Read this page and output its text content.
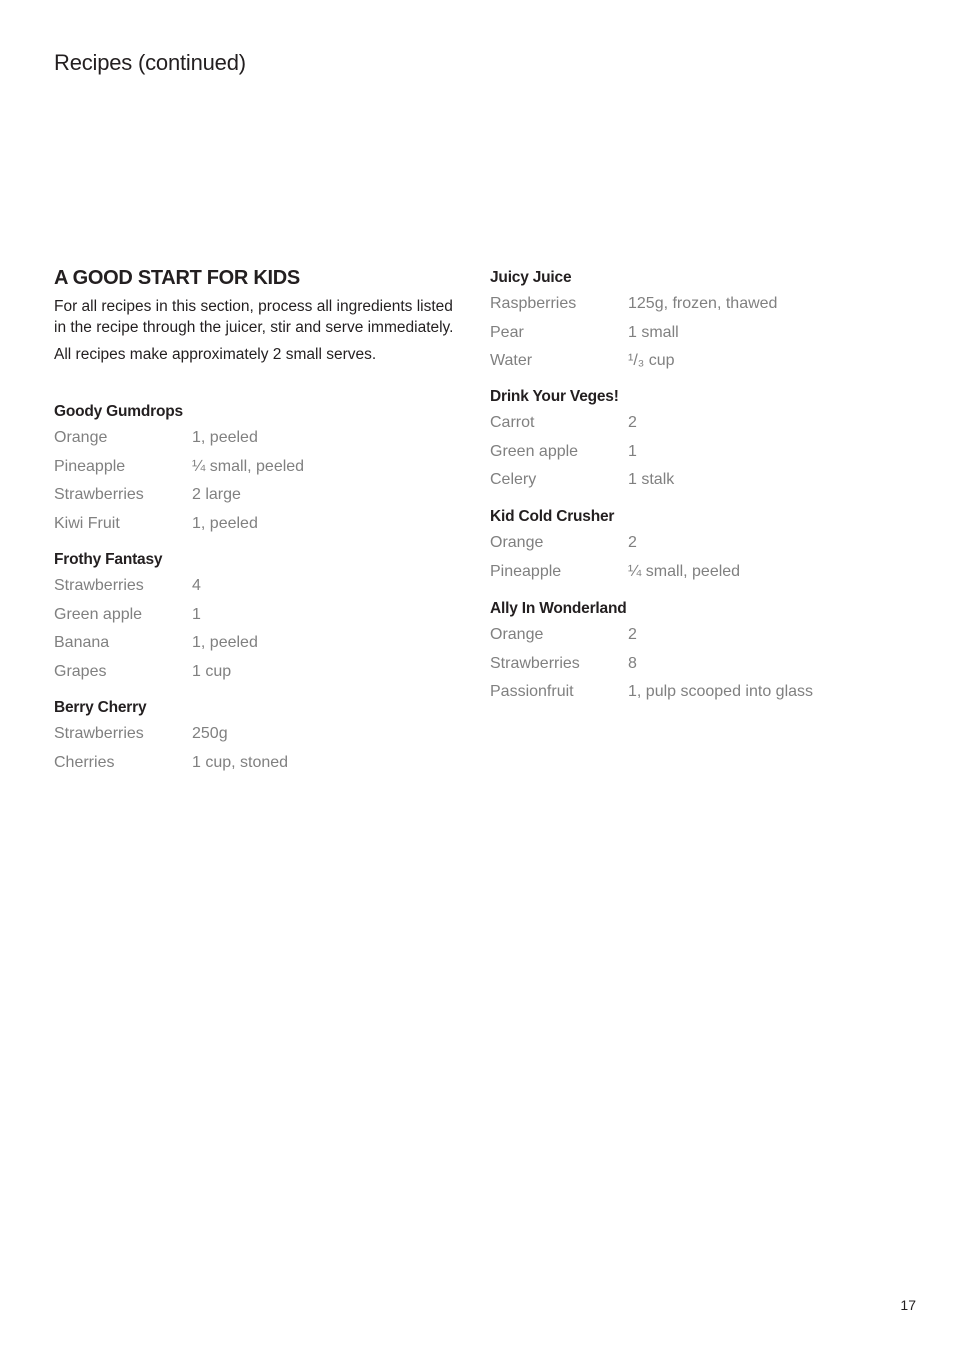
Recipes (continued)
A GOOD START FOR KIDS

For all recipes in this section, process all ingredients listed in the recipe through the juicer, stir and serve immediately.

All recipes make approximately 2 small serves.

Goody Gumdrops
Orange	1, peeled
Pineapple	¼ small, peeled
Strawberries	2 large
Kiwi Fruit	1, peeled
Frothy Fantasy
Strawberries	4
Green apple	1
Banana	1, peeled
Grapes	1 cup
Berry Cherry
Strawberries	250g
Cherries	1 cup, stoned
Juicy Juice
Raspberries	125g, frozen, thawed
Pear	1 small
Water	¹/₃ cup
Drink Your Veges!
Carrot	2
Green apple	1
Celery	1 stalk
Kid Cold Crusher
Orange	2
Pineapple	¼ small, peeled
Ally In Wonderland
Orange	2
Strawberries	8
Passionfruit	1, pulp scooped into glass
17
